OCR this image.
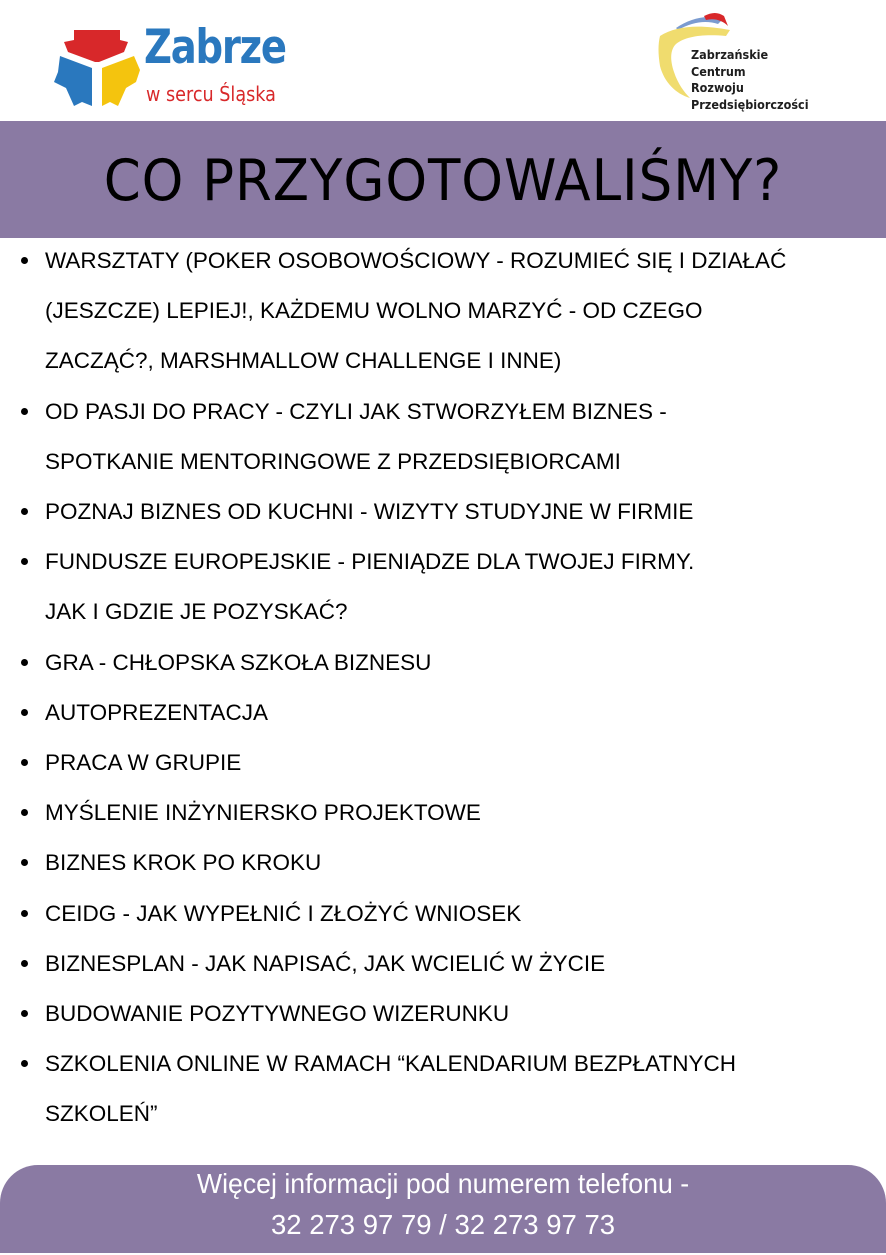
Zabrze
w sercu Śląska
Zabrzańskie
Centrum
Rozwoju
Przedsiębiorczości
CO PRZYGOTOWALIŚMY?
WARSZTATY (POKER OSOBOWOŚCIOWY - ROZUMIEĆ SIĘ I DZIAŁAĆ
(JESZCZE) LEPIEJ!, KAŻDEMU WOLNO MARZYĆ - OD CZEGO
ZACZĄĆ?, MARSHMALLOW CHALLENGE I INNE)
OD PASJI DO PRACY - CZYLI JAK STWORZYŁEM BIZNES -
SPOTKANIE MENTORINGOWE Z PRZEDSIĘBIORCAMI
POZNAJ BIZNES OD KUCHNI - WIZYTY STUDYJNE W FIRMIE
FUNDUSZE EUROPEJSKIE - PIENIĄDZE DLA TWOJEJ FIRMY.
JAK I GDZIE JE POZYSKAĆ?
GRA - CHŁOPSKA SZKOŁA BIZNESU
AUTOPREZENTACJA
PRACA W GRUPIE
MYŚLENIE INŻYNIERSKO PROJEKTOWE
BIZNES KROK PO KROKU
CEIDG - JAK WYPEŁNIĆ I ZŁOŻYĆ WNIOSEK
BIZNESPLAN - JAK NAPISAĆ, JAK WCIELIĆ W ŻYCIE
BUDOWANIE POZYTYWNEGO WIZERUNKU
SZKOLENIA ONLINE W RAMACH “KALENDARIUM BEZPŁATNYCH
SZKOLEŃ”
Więcej informacji pod numerem telefonu -
32 273 97 79 / 32 273 97 73
